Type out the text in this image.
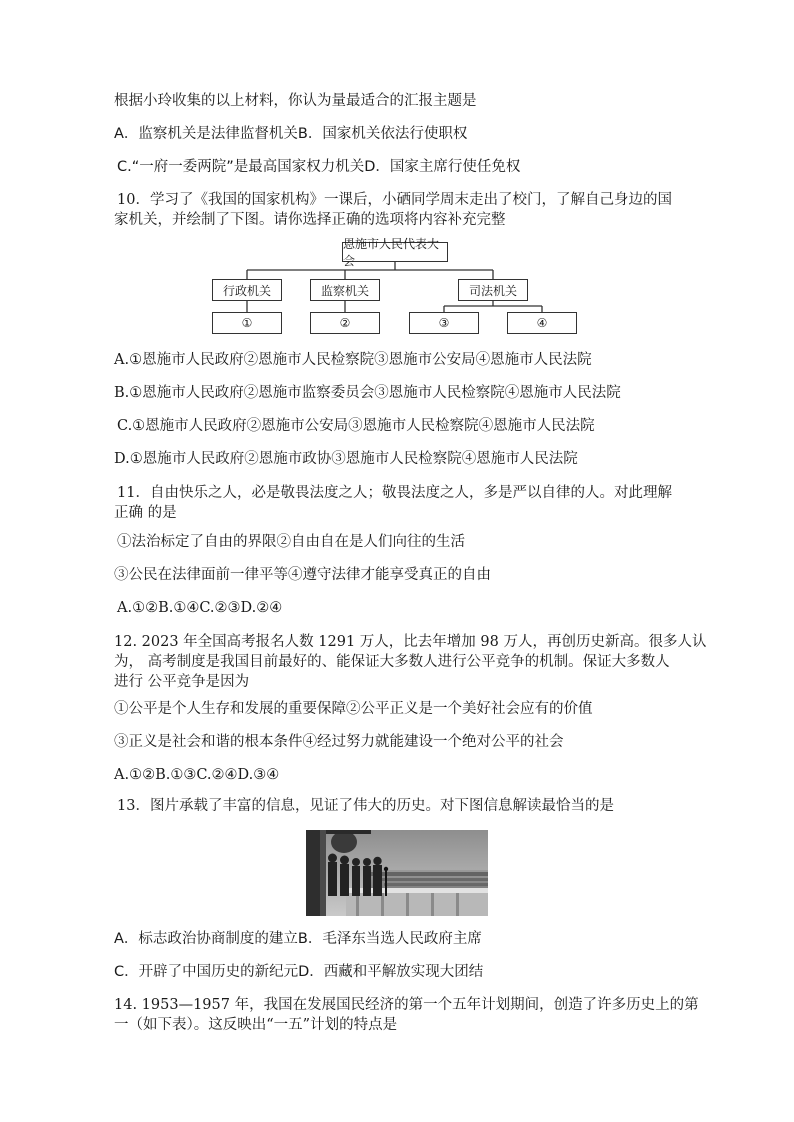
根据小玲收集的以上材料，你认为量最适合的汇报主题是
A．监察机关是法律监督机关B．国家机关依法行使职权
C.“一府一委两院”是最高国家权力机关D．国家主席行使任免权
10．学习了《我国的国家机构》一课后，小硒同学周末走出了校门，了解自己身边的国
家机关，并绘制了下图。请你选择正确的选项将内容补充完整
恩施市人民代表大会
行政机关	监察机关	司法机关
①	②	③	④
A.①恩施市人民政府②恩施市人民检察院③恩施市公安局④恩施市人民法院
B.①恩施市人民政府②恩施市监察委员会③恩施市人民检察院④恩施市人民法院
C.①恩施市人民政府②恩施市公安局③恩施市人民检察院④恩施市人民法院
D.①恩施市人民政府②恩施市政协③恩施市人民检察院④恩施市人民法院
11．自由快乐之人，必是敬畏法度之人；敬畏法度之人，多是严以自律的人。对此理解
正确 的是
①法治标定了自由的界限②自由自在是人们向往的生活
③公民在法律面前一律平等④遵守法律才能享受真正的自由
A.①②B.①④C.②③D.②④
12. 2023 年全国高考报名人数 1291 万人，比去年增加 98 万人，再创历史新高。很多人认
为， 高考制度是我国目前最好的、能保证大多数人进行公平竞争的机制。保证大多数人
进行 公平竞争是因为
①公平是个人生存和发展的重要保障②公平正义是一个美好社会应有的价值
③正义是社会和谐的根本条件④经过努力就能建设一个绝对公平的社会
A.①②B.①③C.②④D.③④
13．图片承载了丰富的信息，见证了伟大的历史。对下图信息解读最恰当的是
A．标志政治协商制度的建立B．毛泽东当选人民政府主席
C．开辟了中国历史的新纪元D．西藏和平解放实现大团结
14. 1953—1957 年，我国在发展国民经济的第一个五年计划期间，创造了许多历史上的第
一（如下表）。这反映出“一五”计划的特点是
